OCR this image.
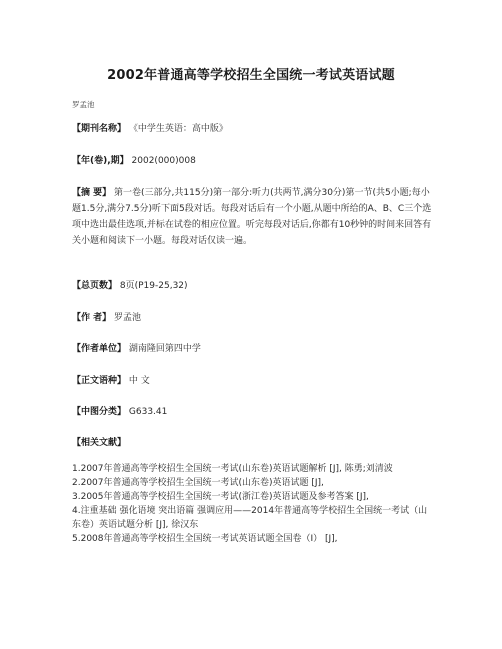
2002年普通高等学校招生全国统一考试英语试题
罗孟池
【期刊名称】 《中学生英语：高中版》
【年(卷),期】 2002(000)008
【摘 要】 第一卷(三部分,共115分)第一部分:听力(共两节,满分30分)第一节(共5小题;每小题1.5分,满分7.5分)听下面5段对话。每段对话后有一个小题,从题中所给的A、B、C三个选项中选出最佳选项,并标在试卷的相应位置。听完每段对话后,你都有10秒钟的时间来回答有关小题和阅读下一小题。每段对话仅读一遍。
【总页数】 8页(P19-25,32)
【作 者】 罗孟池
【作者单位】 湖南隆回第四中学
【正文语种】 中 文
【中图分类】 G633.41
【相关文献】
1.2007年普通高等学校招生全国统一考试(山东卷)英语试题解析 [J], 陈勇;刘清波
2.2007年普通高等学校招生全国统一考试(山东卷)英语试题 [J],
3.2005年普通高等学校招生全国统一考试(浙江卷)英语试题及参考答案 [J],
4.注重基础 强化语境 突出语篇 强调应用——2014年普通高等学校招生全国统一考试（山东卷）英语试题分析 [J], 徐汉东
5.2008年普通高等学校招生全国统一考试英语试题全国卷（Ⅰ） [J],
